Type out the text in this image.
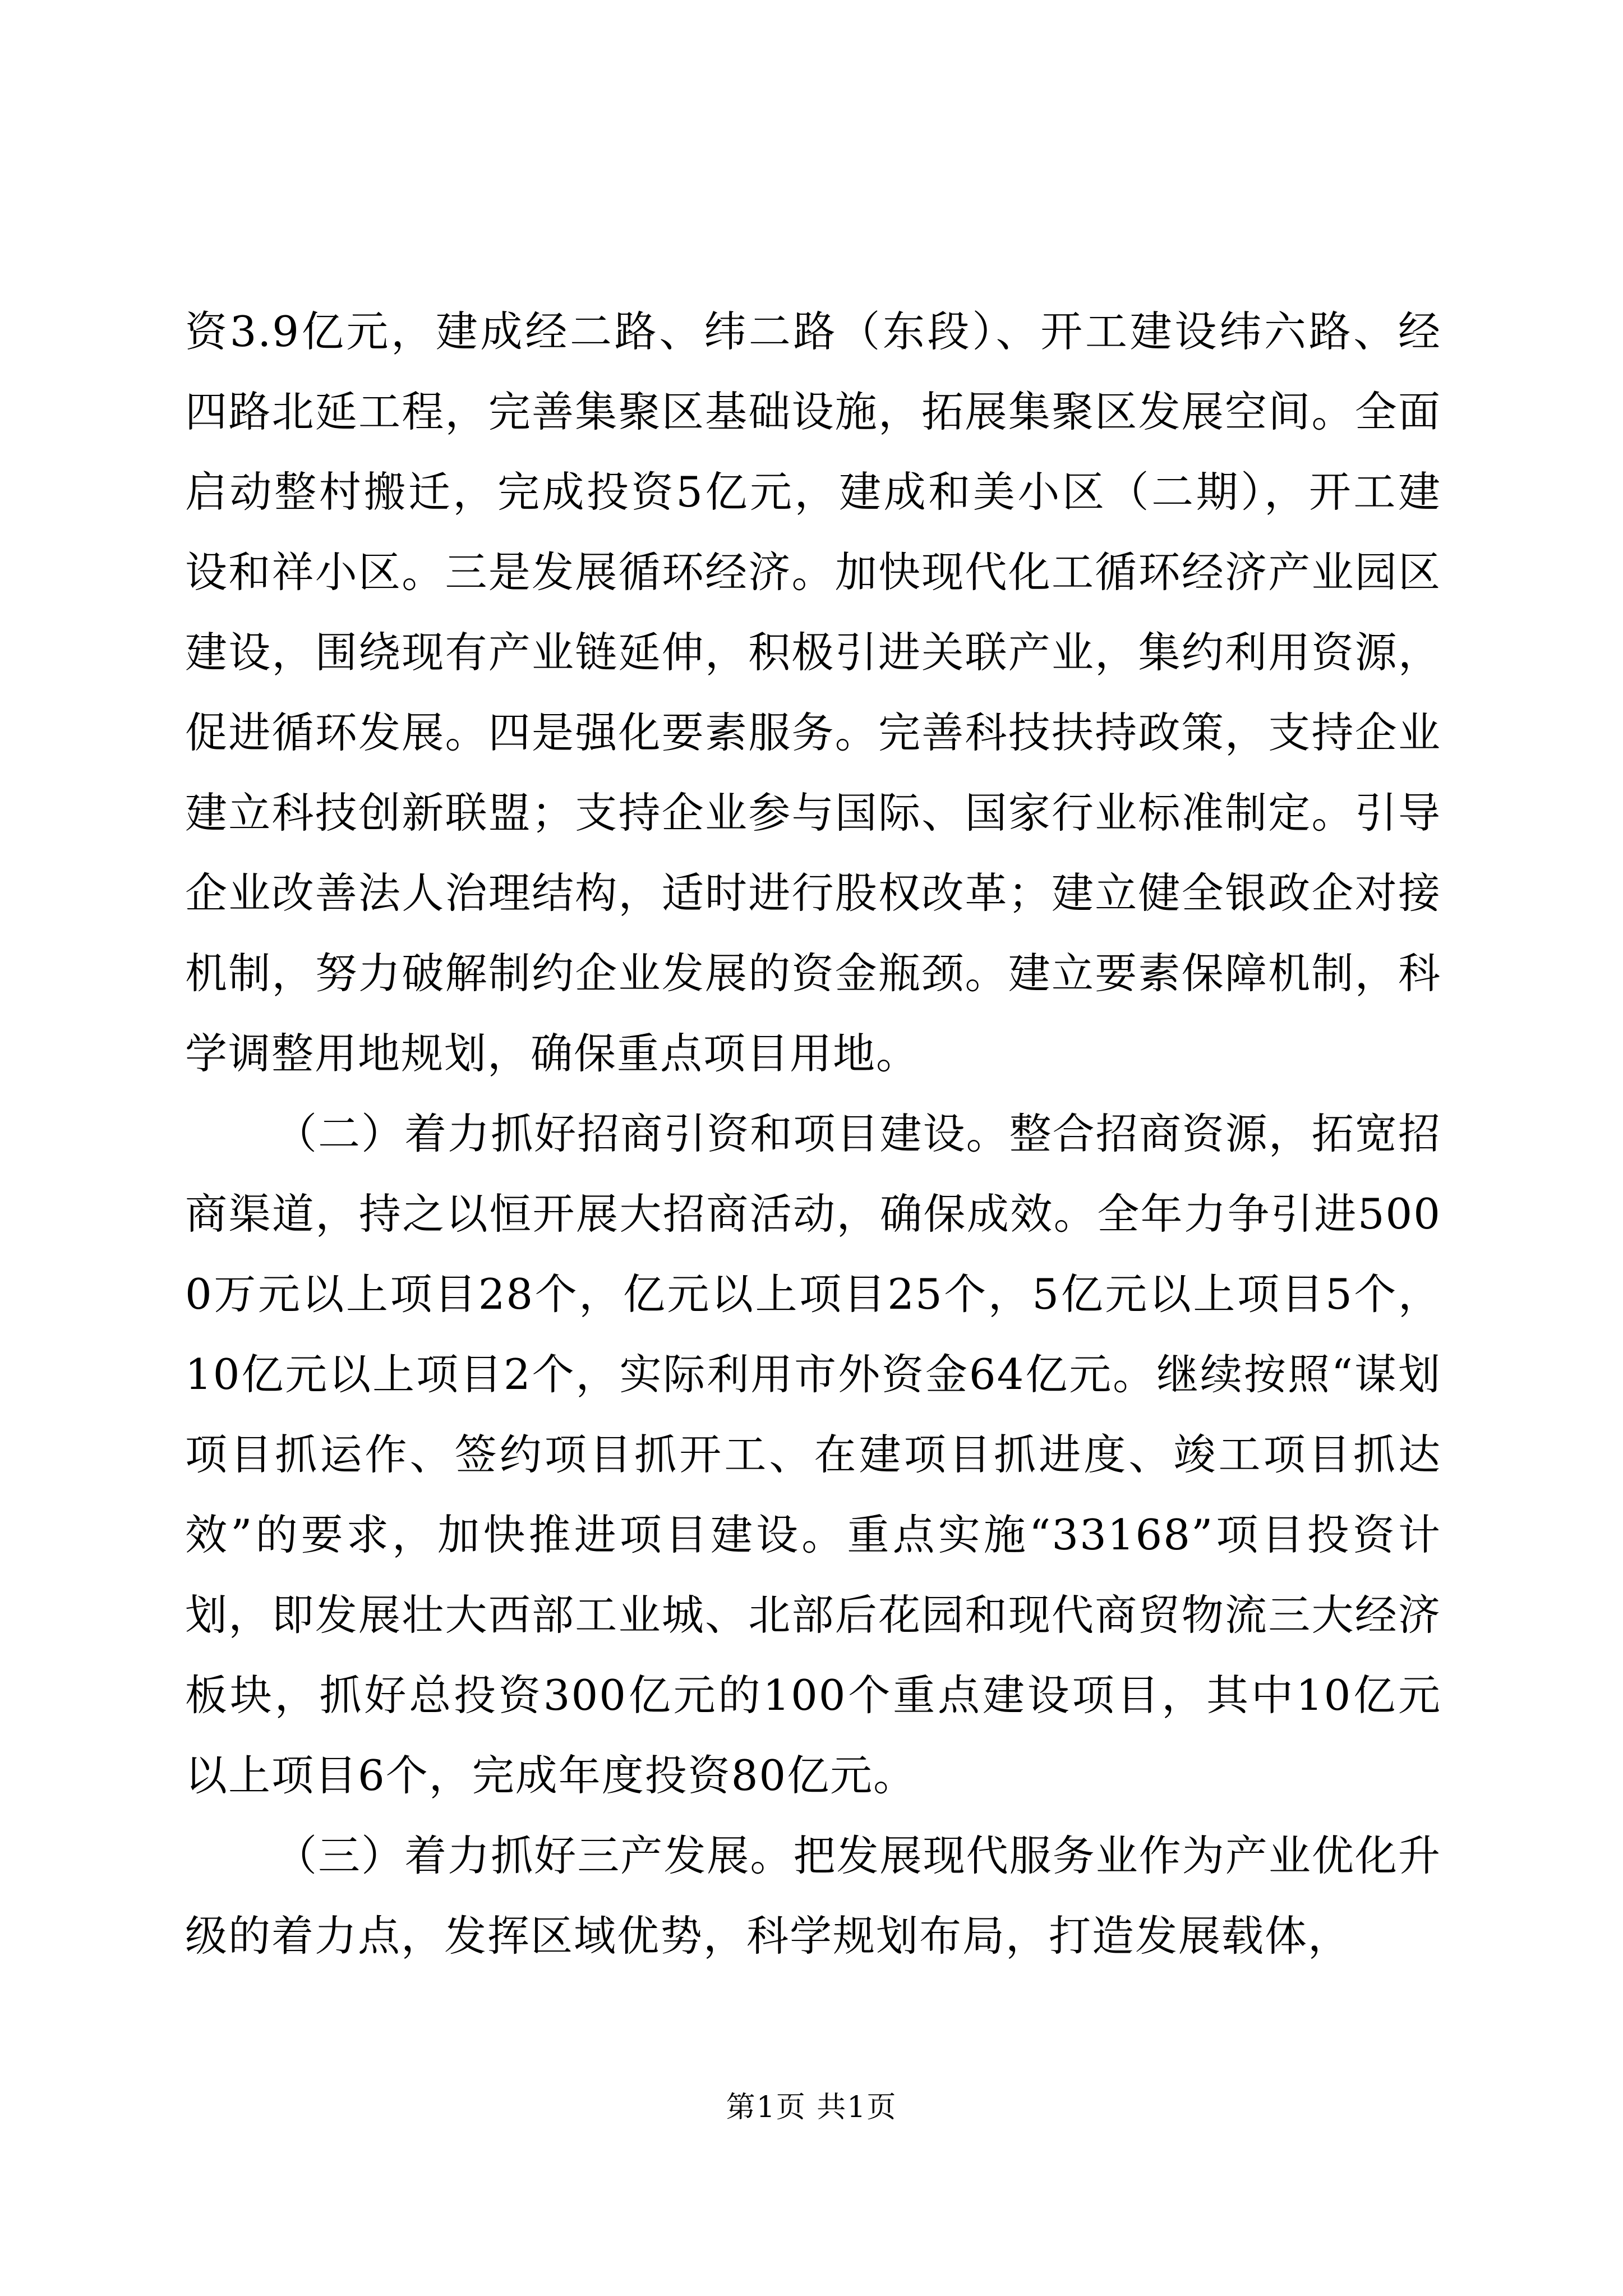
资3.9亿元，建成经二路、纬二路（东段）、开工建设纬六路、经四路北延工程，完善集聚区基础设施，拓展集聚区发展空间。全面启动整村搬迁，完成投资5亿元，建成和美小区（二期），开工建设和祥小区。三是发展循环经济。加快现代化工循环经济产业园区建设，围绕现有产业链延伸，积极引进关联产业，集约利用资源，促进循环发展。四是强化要素服务。完善科技扶持政策，支持企业建立科技创新联盟；支持企业参与国际、国家行业标准制定。引导企业改善法人治理结构，适时进行股权改革；建立健全银政企对接机制，努力破解制约企业发展的资金瓶颈。建立要素保障机制，科学调整用地规划，确保重点项目用地。

（二）着力抓好招商引资和项目建设。整合招商资源，拓宽招商渠道，持之以恒开展大招商活动，确保成效。全年力争引进5000万元以上项目28个，亿元以上项目25个，5亿元以上项目5个，10亿元以上项目2个，实际利用市外资金64亿元。继续按照“谋划项目抓运作、签约项目抓开工、在建项目抓进度、竣工项目抓达效”的要求，加快推进项目建设。重点实施“33168”项目投资计划，即发展壮大西部工业城、北部后花园和现代商贸物流三大经济板块，抓好总投资300亿元的100个重点建设项目，其中10亿元以上项目6个，完成年度投资80亿元。

（三）着力抓好三产发展。把发展现代服务业作为产业优化升级的着力点，发挥区域优势，科学规划布局，打造发展载体，

第1页 共1页
